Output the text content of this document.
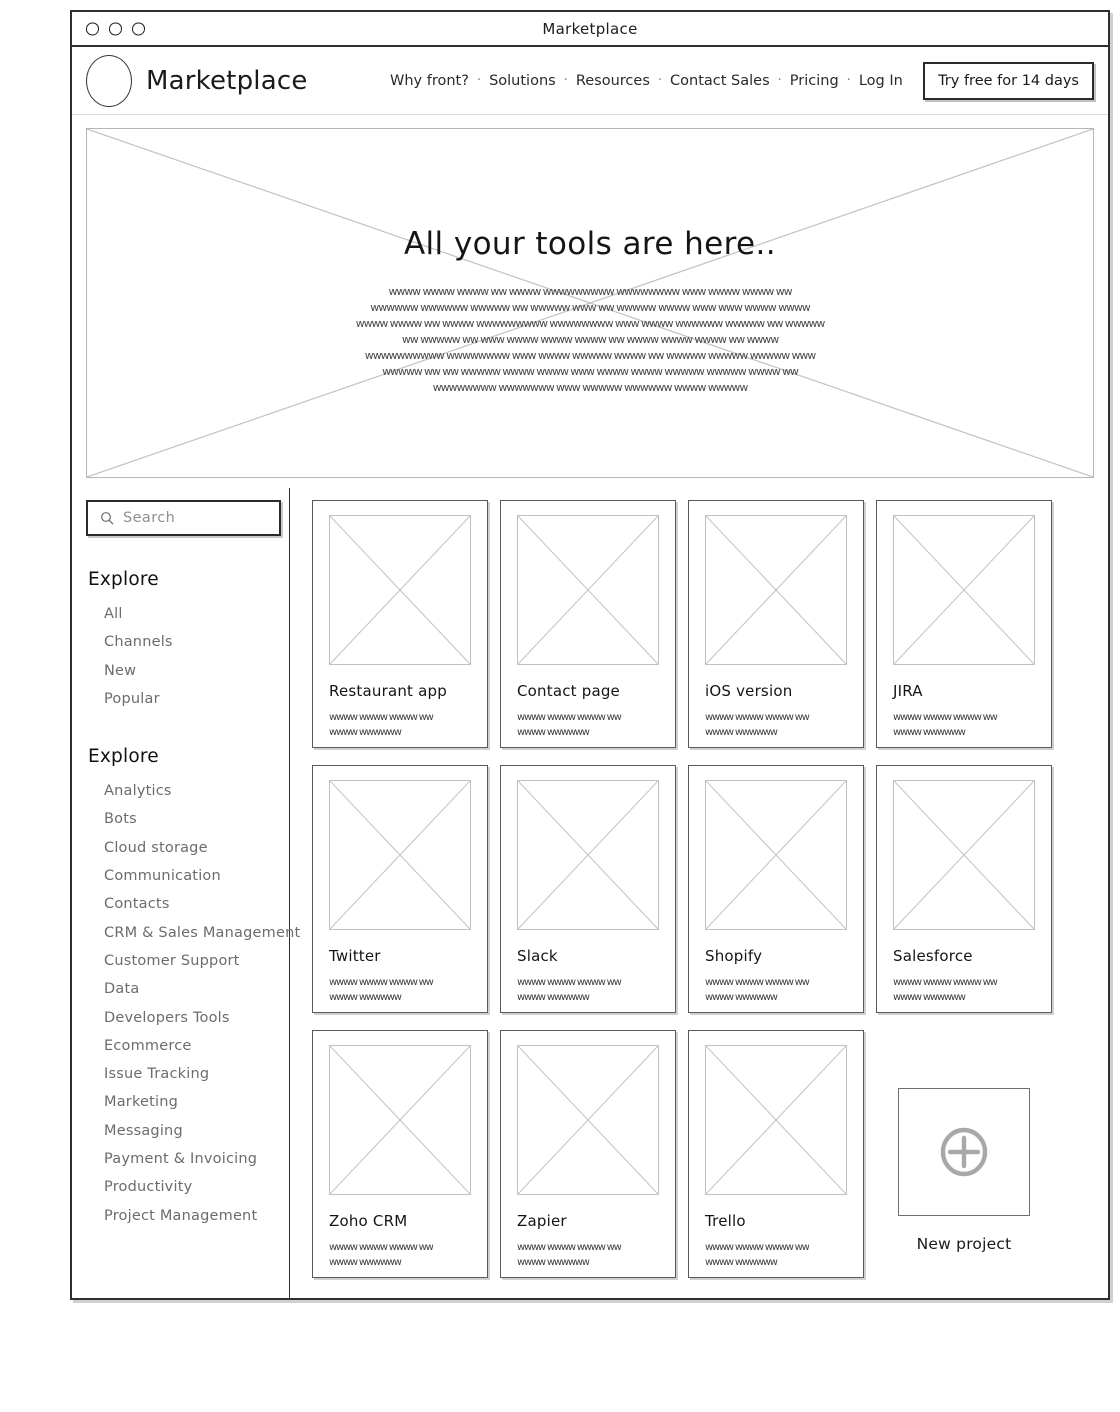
Marketplace
Marketplace	Why front? · Solutions · Resources · Contact Sales · Pricing · Log In	Try free for 14 days
All your tools are here..
wwww wwww wwww ww wwww wwwwwwwww wwwwwwww www wwww wwww ww
wwwwww wwwwww wwwww ww wwwww www ww wwwww wwww www www wwww wwww
wwww wwww ww wwww wwwwwwwww wwwwwwww www wwww wwwwww wwwww ww wwwww
ww wwwww ww www wwww wwww wwww ww wwww wwww wwww ww wwww
wwwwwwwwww wwwwwwww www wwww wwwww wwww ww wwwww wwwww wwwww www
wwwww ww ww wwwww wwww wwww www wwww wwww wwwww wwwww wwww ww
wwwwwwww wwwwwww www wwwww wwwwww wwww wwwww
Search
Explore
All
Channels
New
Popular
Explore
Analytics
Bots
Cloud storage
Communication
Contacts
CRM & Sales Management
Customer Support
Data
Developers Tools
Ecommerce
Issue Tracking
Marketing
Messaging
Payment & Invoicing
Productivity
Project Management
Restaurant app
wwww wwww wwww ww
wwww wwwwww
Contact page
wwww wwww wwww ww
wwww wwwwww
iOS version
wwww wwww wwww ww
wwww wwwwww
JIRA
wwww wwww wwww ww
wwww wwwwww
Twitter
wwww wwww wwww ww
wwww wwwwww
Slack
wwww wwww wwww ww
wwww wwwwww
Shopify
wwww wwww wwww ww
wwww wwwwww
Salesforce
wwww wwww wwww ww
wwww wwwwww
Zoho CRM
wwww wwww wwww ww
wwww wwwwww
Zapier
wwww wwww wwww ww
wwww wwwwww
Trello
wwww wwww wwww ww
wwww wwwwww
New project
